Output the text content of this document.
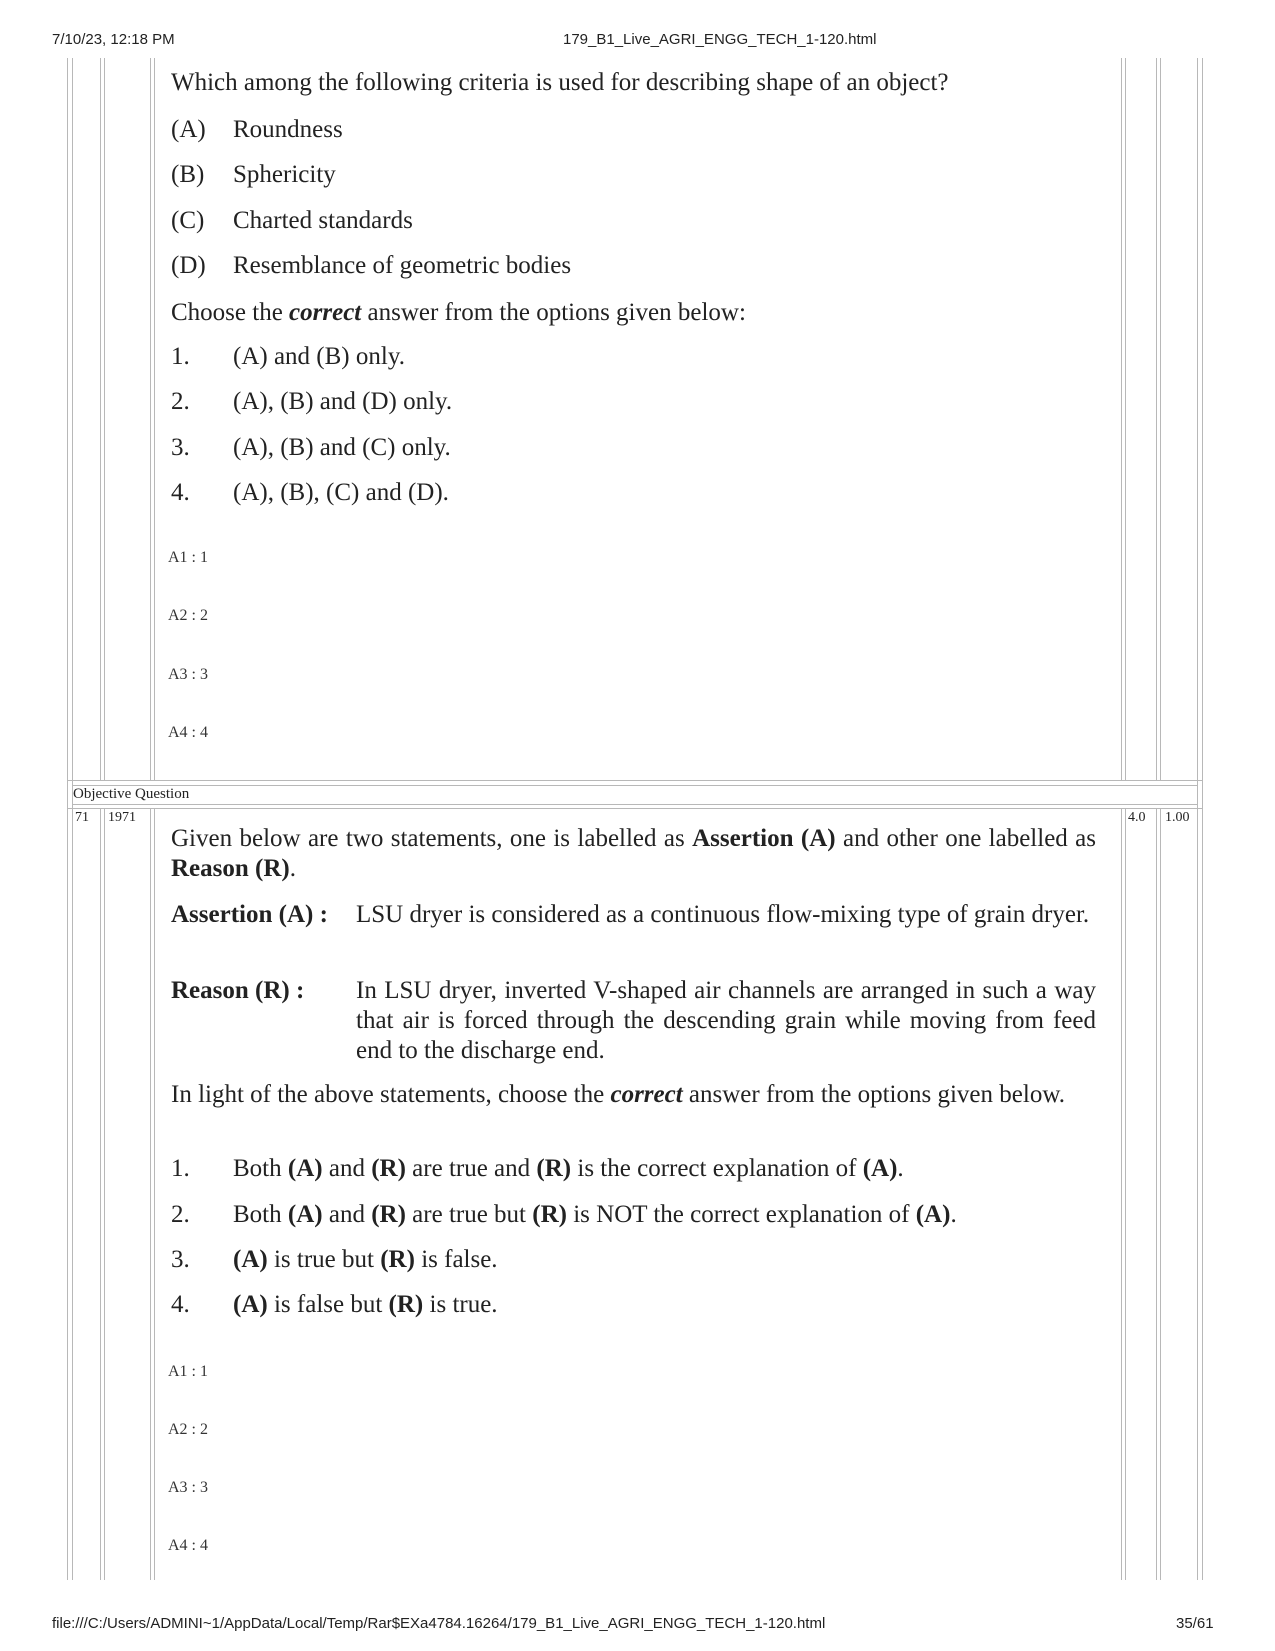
7/10/23, 12:18 PM	179_B1_Live_AGRI_ENGG_TECH_1-120.html
Which among the following criteria is used for describing shape of an object?
(A) Roundness
(B) Sphericity
(C) Charted standards
(D) Resemblance of geometric bodies
Choose the correct answer from the options given below:
1. (A) and (B) only.
2. (A), (B) and (D) only.
3. (A), (B) and (C) only.
4. (A), (B), (C) and (D).
A1 : 1
A2 : 2
A3 : 3
A4 : 4
Objective Question
71 1971	4.0 1.00
Given below are two statements, one is labelled as Assertion (A) and other one labelled as Reason (R).
Assertion (A) : LSU dryer is considered as a continuous flow-mixing type of grain dryer.
Reason (R) : In LSU dryer, inverted V-shaped air channels are arranged in such a way that air is forced through the descending grain while moving from feed end to the discharge end.
In light of the above statements, choose the correct answer from the options given below.
1. Both (A) and (R) are true and (R) is the correct explanation of (A).
2. Both (A) and (R) are true but (R) is NOT the correct explanation of (A).
3. (A) is true but (R) is false.
4. (A) is false but (R) is true.
A1 : 1
A2 : 2
A3 : 3
A4 : 4
file:///C:/Users/ADMINI~1/AppData/Local/Temp/Rar$EXa4784.16264/179_B1_Live_AGRI_ENGG_TECH_1-120.html	35/61
